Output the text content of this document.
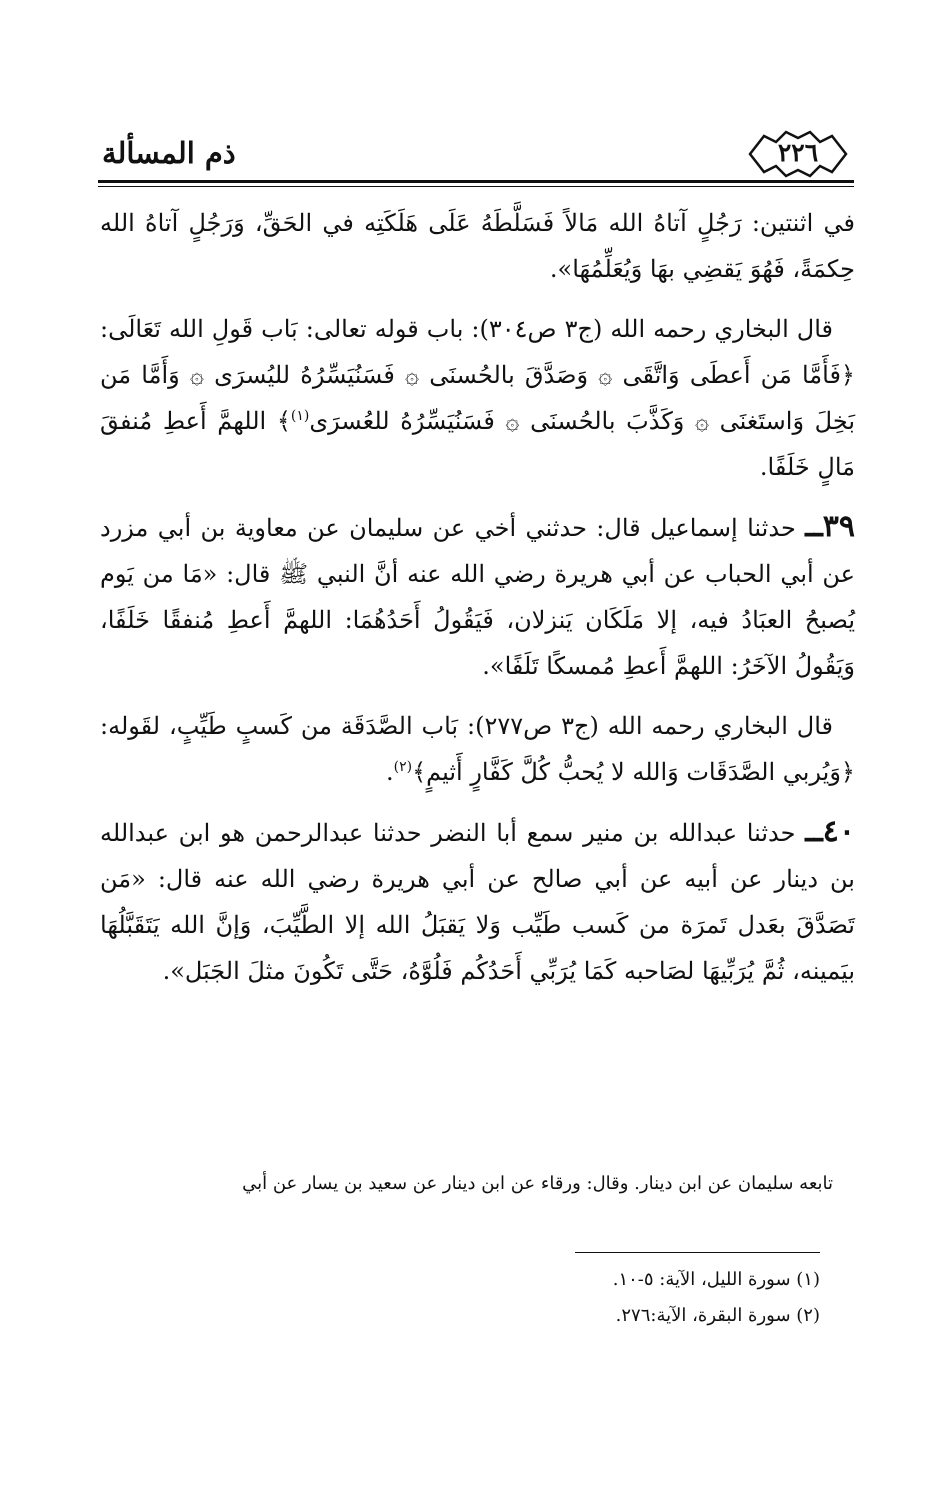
٢٢٦
ذم المسألة

في اثنتين: رَجُلٍ آتاهُ الله مَالاً فَسَلَّطَهُ عَلَى هَلَكَتِه في الحَقِّ، وَرَجُلٍ آتاهُ الله حِكمَةً، فَهُوَ يَقضِي بهَا وَيُعَلِّمُهَا».

قال البخاري رحمه الله (ج٣ ص٣٠٤): باب قوله تعالى: بَاب قَولِ الله تَعَالَى: ﴿فَأَمَّا مَن أَعطَى وَاتَّقَى ۞ وَصَدَّقَ بالحُسنَى ۞ فَسَنُيَسِّرُهُ لليُسرَى ۞ وَأَمَّا مَن بَخِلَ وَاستَغنَى ۞ وَكَذَّبَ بالحُسنَى ۞ فَسَنُيَسِّرُهُ للعُسرَى$^{(١)}$﴾ اللهمَّ أَعطِ مُنفقَ مَالٍ خَلَفًا.

٣٩ــ حدثنا إسماعيل قال: حدثني أخي عن سليمان عن معاوية بن أبي مزرد عن أبي الحباب عن أبي هريرة رضي الله عنه أنَّ النبي ﷺ قال: «مَا من يَوم يُصبحُ العبَادُ فيه، إلا مَلَكَان يَنزلان، فَيَقُولُ أَحَدُهُمَا: اللهمَّ أَعطِ مُنفقًا خَلَفًا، وَيَقُولُ الآخَرُ: اللهمَّ أَعطِ مُمسكًا تَلَفًا».

قال البخاري رحمه الله (ج٣ ص٢٧٧): بَاب الصَّدَقَة من كَسبٍ طَيِّبٍ، لقَوله: ﴿وَيُربي الصَّدَقَات وَالله لا يُحبُّ كُلَّ كَفَّارٍ أَثيمٍ﴾$^{(٢)}$.

٤٠ــ حدثنا عبدالله بن منير سمع أبا النضر حدثنا عبدالرحمن هو ابن عبدالله بن دينار عن أبيه عن أبي صالح عن أبي هريرة رضي الله عنه قال: «مَن تَصَدَّقَ بعَدل تَمرَة من كَسب طَيِّب وَلا يَقبَلُ الله إلا الطَّيِّبَ، وَإنَّ الله يَتَقَبَّلُهَا بيَمينه، ثُمَّ يُرَبِّيهَا لصَاحبه كَمَا يُرَبِّي أَحَدُكُم فَلُوَّهُ، حَتَّى تَكُونَ مثلَ الجَبَل».

تابعه سليمان عن ابن دينار. وقال: ورقاء عن ابن دينار عن سعيد بن يسار عن أبي

(١) سورة الليل، الآية: ٥-١٠.

(٢) سورة البقرة، الآية:٢٧٦.
